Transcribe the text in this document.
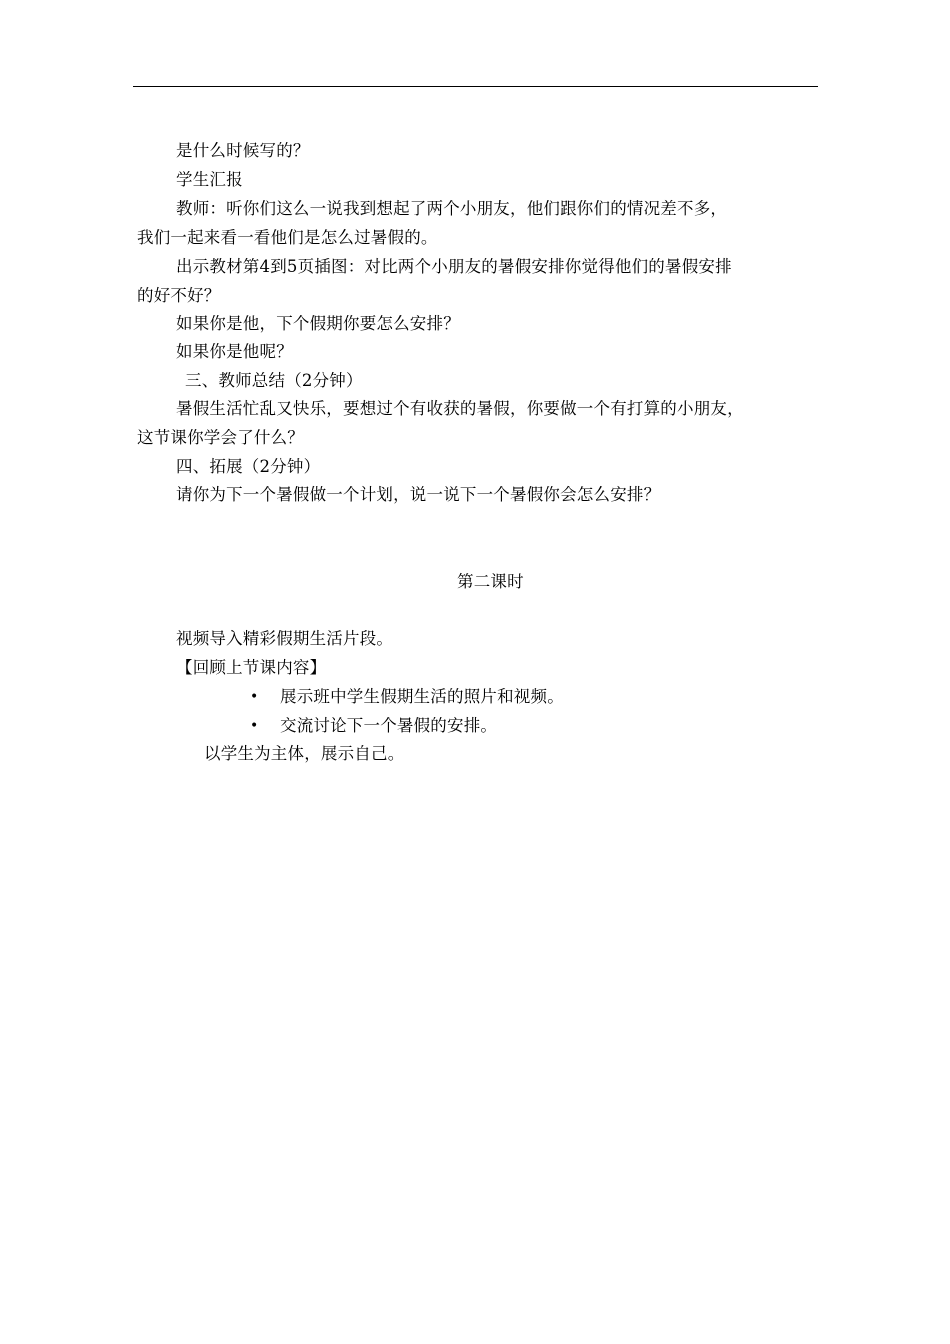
是什么时候写的？
学生汇报
教师：听你们这么一说我到想起了两个小朋友，他们跟你们的情况差不多，
我们一起来看一看他们是怎么过暑假的。
出示教材第4到5页插图：对比两个小朋友的暑假安排你觉得他们的暑假安排
的好不好？
如果你是他，下个假期你要怎么安排？
如果你是他呢？
三、教师总结（2分钟）
暑假生活忙乱又快乐，要想过个有收获的暑假，你要做一个有打算的小朋友，
这节课你学会了什么？
四、拓展（2分钟）
请你为下一个暑假做一个计划，说一说下一个暑假你会怎么安排？
第二课时
视频导入精彩假期生活片段。
【回顾上节课内容】
• 展示班中学生假期生活的照片和视频。
• 交流讨论下一个暑假的安排。
以学生为主体，展示自己。
